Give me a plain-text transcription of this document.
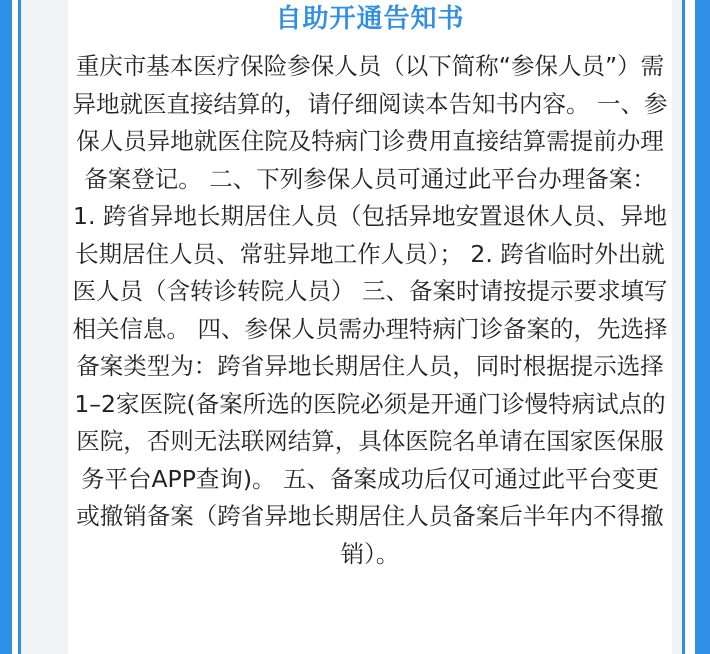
自助开通告知书
重庆市基本医疗保险参保人员（以下简称“参保人员”）需异地就医直接结算的，请仔细阅读本告知书内容。 一、参保人员异地就医住院及特病门诊费用直接结算需提前办理备案登记。 二、下列参保人员可通过此平台办理备案： 1. 跨省异地长期居住人员（包括异地安置退休人员、异地长期居住人员、常驻异地工作人员）； 2. 跨省临时外出就医人员（含转诊转院人员） 三、备案时请按提示要求填写相关信息。 四、参保人员需办理特病门诊备案的，先选择备案类型为：跨省异地长期居住人员，同时根据提示选择1–2家医院(备案所选的医院必须是开通门诊慢特病试点的医院，否则无法联网结算，具体医院名单请在国家医保服务平台APP查询)。 五、备案成功后仅可通过此平台变更或撤销备案（跨省异地长期居住人员备案后半年内不得撤销）。
